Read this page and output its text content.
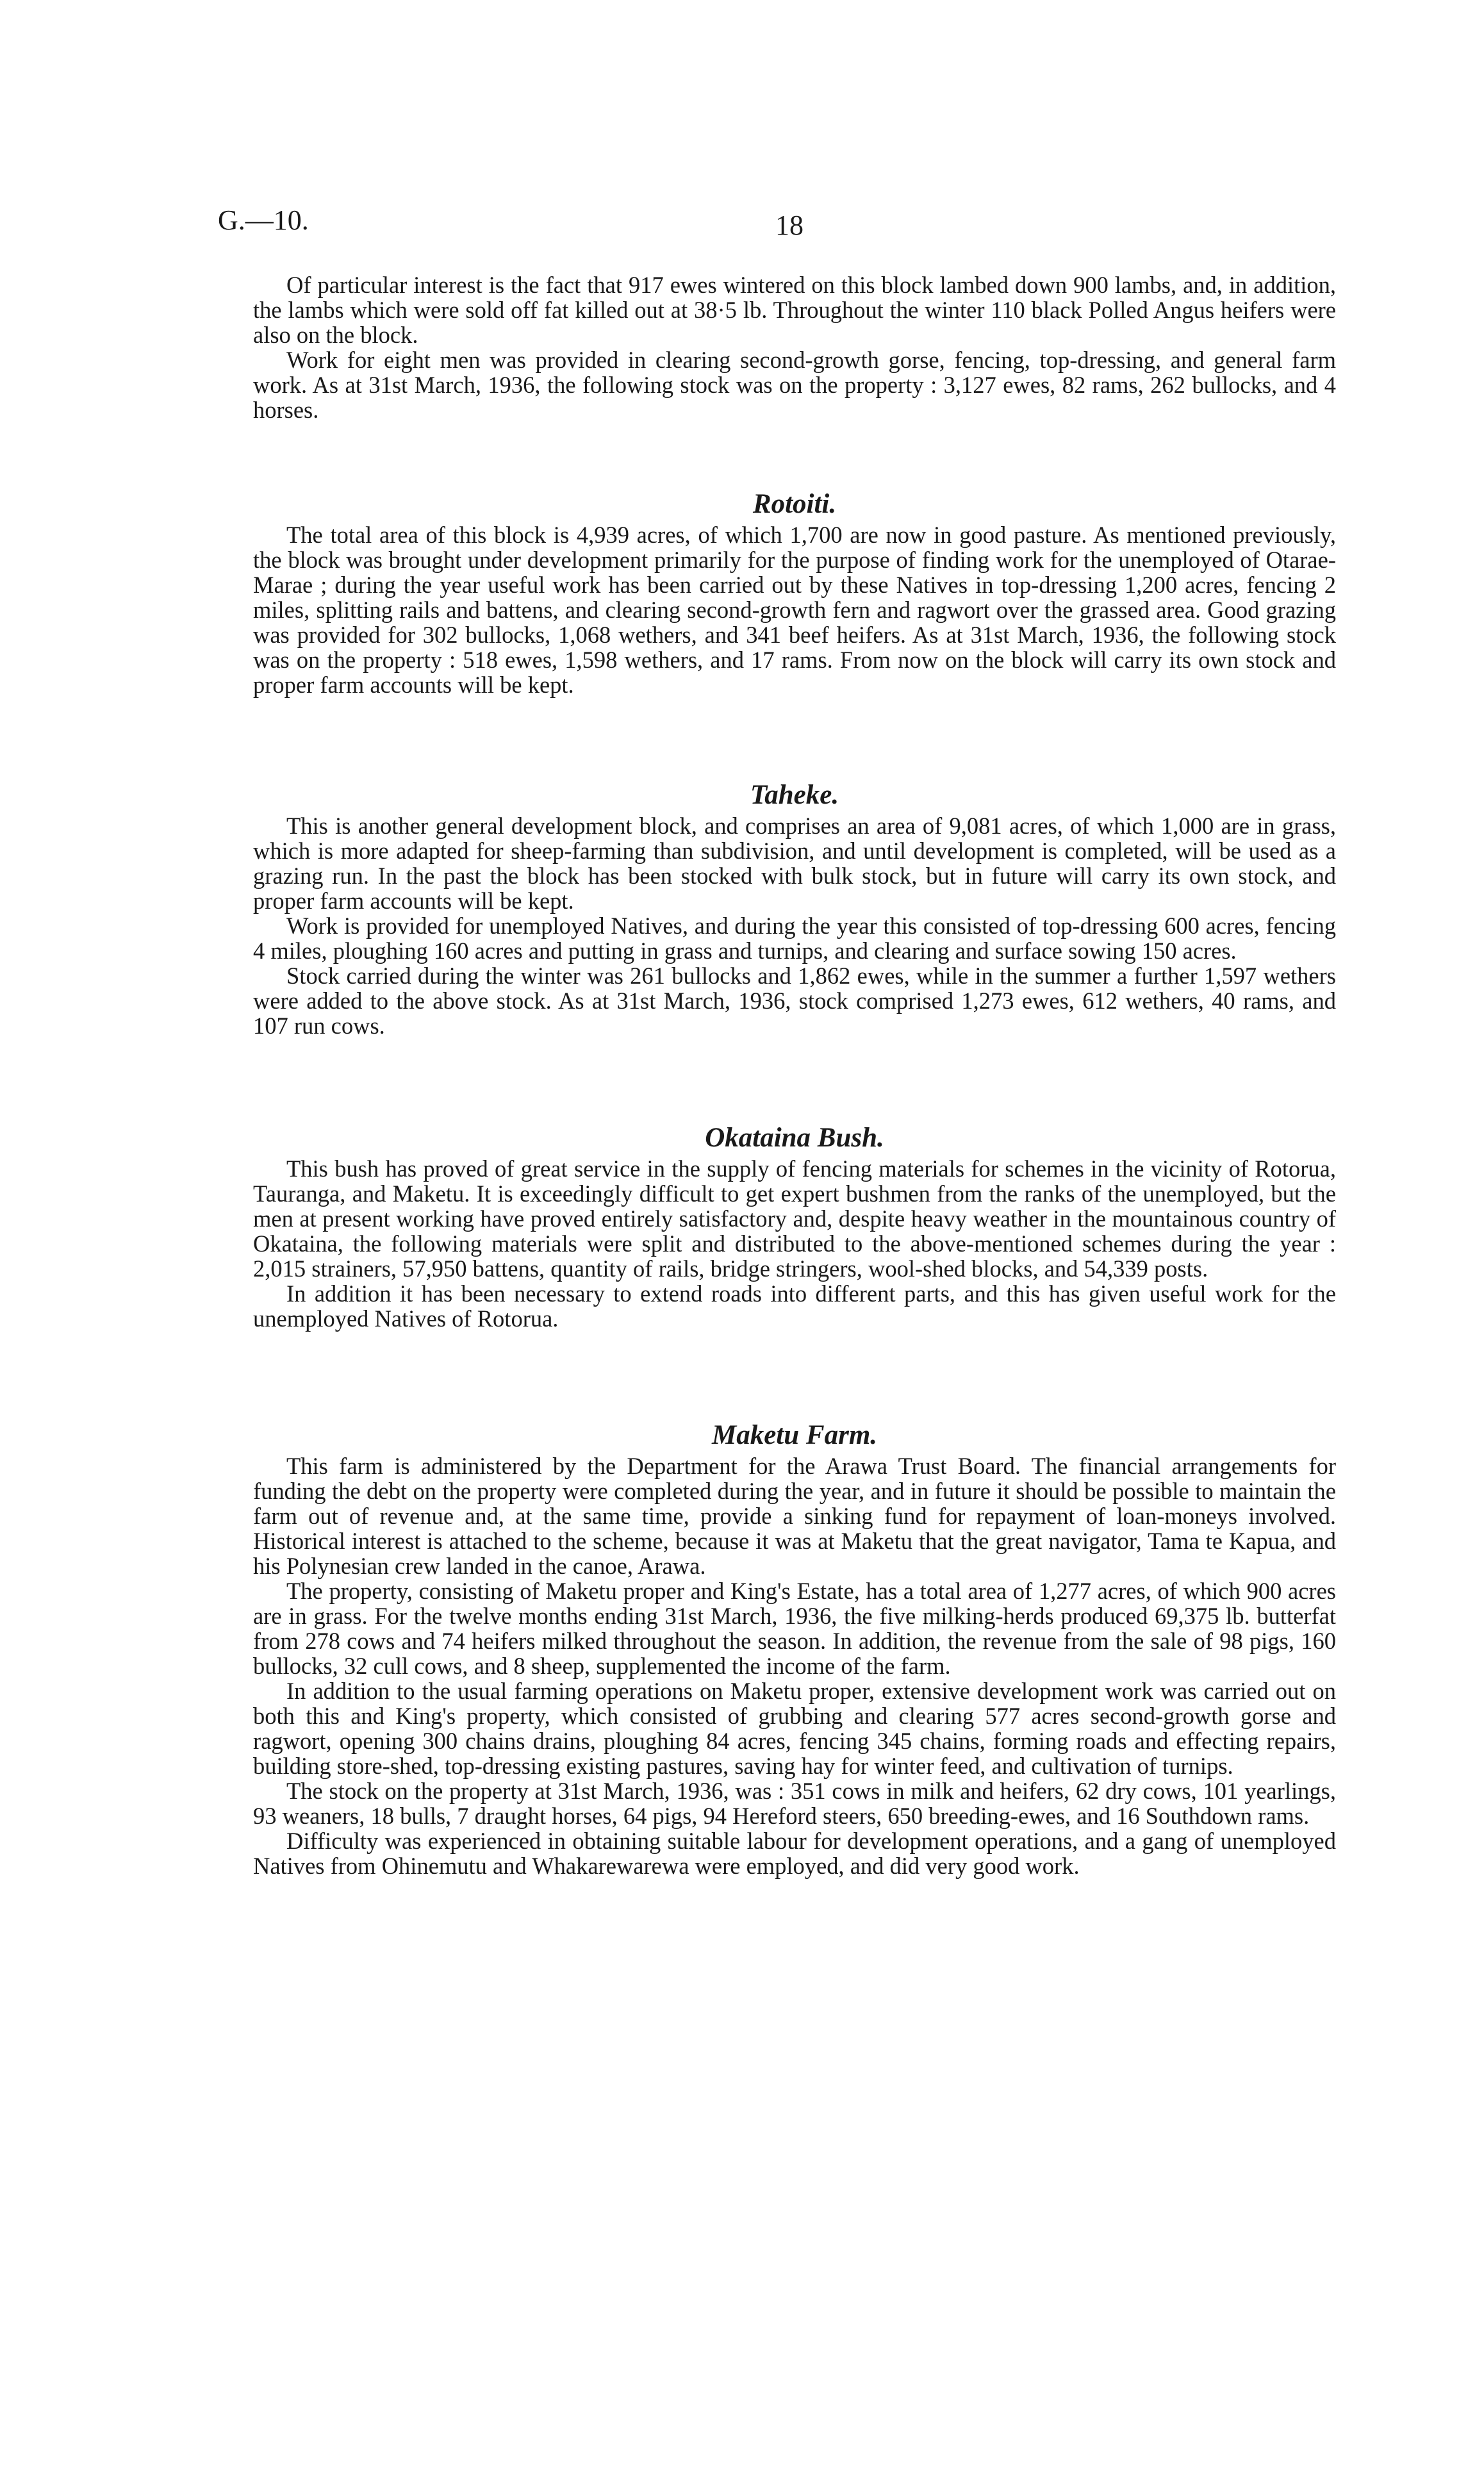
G.—10.	18

Of particular interest is the fact that 917 ewes wintered on this block lambed down 900 lambs, and, in addition, the lambs which were sold off fat killed out at 38·5 lb. Throughout the winter 110 black Polled Angus heifers were also on the block.

Work for eight men was provided in clearing second-growth gorse, fencing, top-dressing, and general farm work. As at 31st March, 1936, the following stock was on the property : 3,127 ewes, 82 rams, 262 bullocks, and 4 horses.

Rotoiti.

The total area of this block is 4,939 acres, of which 1,700 are now in good pasture. As mentioned previously, the block was brought under development primarily for the purpose of finding work for the unemployed of Otarae-Marae ; during the year useful work has been carried out by these Natives in top-dressing 1,200 acres, fencing 2 miles, splitting rails and battens, and clearing second-growth fern and ragwort over the grassed area. Good grazing was provided for 302 bullocks, 1,068 wethers, and 341 beef heifers. As at 31st March, 1936, the following stock was on the property : 518 ewes, 1,598 wethers, and 17 rams. From now on the block will carry its own stock and proper farm accounts will be kept.

Taheke.

This is another general development block, and comprises an area of 9,081 acres, of which 1,000 are in grass, which is more adapted for sheep-farming than subdivision, and until development is completed, will be used as a grazing run. In the past the block has been stocked with bulk stock, but in future will carry its own stock, and proper farm accounts will be kept.

Work is provided for unemployed Natives, and during the year this consisted of top-dressing 600 acres, fencing 4 miles, ploughing 160 acres and putting in grass and turnips, and clearing and surface sowing 150 acres.

Stock carried during the winter was 261 bullocks and 1,862 ewes, while in the summer a further 1,597 wethers were added to the above stock. As at 31st March, 1936, stock comprised 1,273 ewes, 612 wethers, 40 rams, and 107 run cows.

Okataina Bush.

This bush has proved of great service in the supply of fencing materials for schemes in the vicinity of Rotorua, Tauranga, and Maketu. It is exceedingly difficult to get expert bushmen from the ranks of the unemployed, but the men at present working have proved entirely satisfactory and, despite heavy weather in the mountainous country of Okataina, the following materials were split and distributed to the above-mentioned schemes during the year : 2,015 strainers, 57,950 battens, quantity of rails, bridge stringers, wool-shed blocks, and 54,339 posts.

In addition it has been necessary to extend roads into different parts, and this has given useful work for the unemployed Natives of Rotorua.

Maketu Farm.

This farm is administered by the Department for the Arawa Trust Board. The financial arrangements for funding the debt on the property were completed during the year, and in future it should be possible to maintain the farm out of revenue and, at the same time, provide a sinking fund for repayment of loan-moneys involved. Historical interest is attached to the scheme, because it was at Maketu that the great navigator, Tama te Kapua, and his Polynesian crew landed in the canoe, Arawa.

The property, consisting of Maketu proper and King's Estate, has a total area of 1,277 acres, of which 900 acres are in grass. For the twelve months ending 31st March, 1936, the five milking-herds produced 69,375 lb. butterfat from 278 cows and 74 heifers milked throughout the season. In addition, the revenue from the sale of 98 pigs, 160 bullocks, 32 cull cows, and 8 sheep, supplemented the income of the farm.

In addition to the usual farming operations on Maketu proper, extensive development work was carried out on both this and King's property, which consisted of grubbing and clearing 577 acres second-growth gorse and ragwort, opening 300 chains drains, ploughing 84 acres, fencing 345 chains, forming roads and effecting repairs, building store-shed, top-dressing existing pastures, saving hay for winter feed, and cultivation of turnips.

The stock on the property at 31st March, 1936, was : 351 cows in milk and heifers, 62 dry cows, 101 yearlings, 93 weaners, 18 bulls, 7 draught horses, 64 pigs, 94 Hereford steers, 650 breeding-ewes, and 16 Southdown rams.

Difficulty was experienced in obtaining suitable labour for development operations, and a gang of unemployed Natives from Ohinemutu and Whakarewarewa were employed, and did very good work.
